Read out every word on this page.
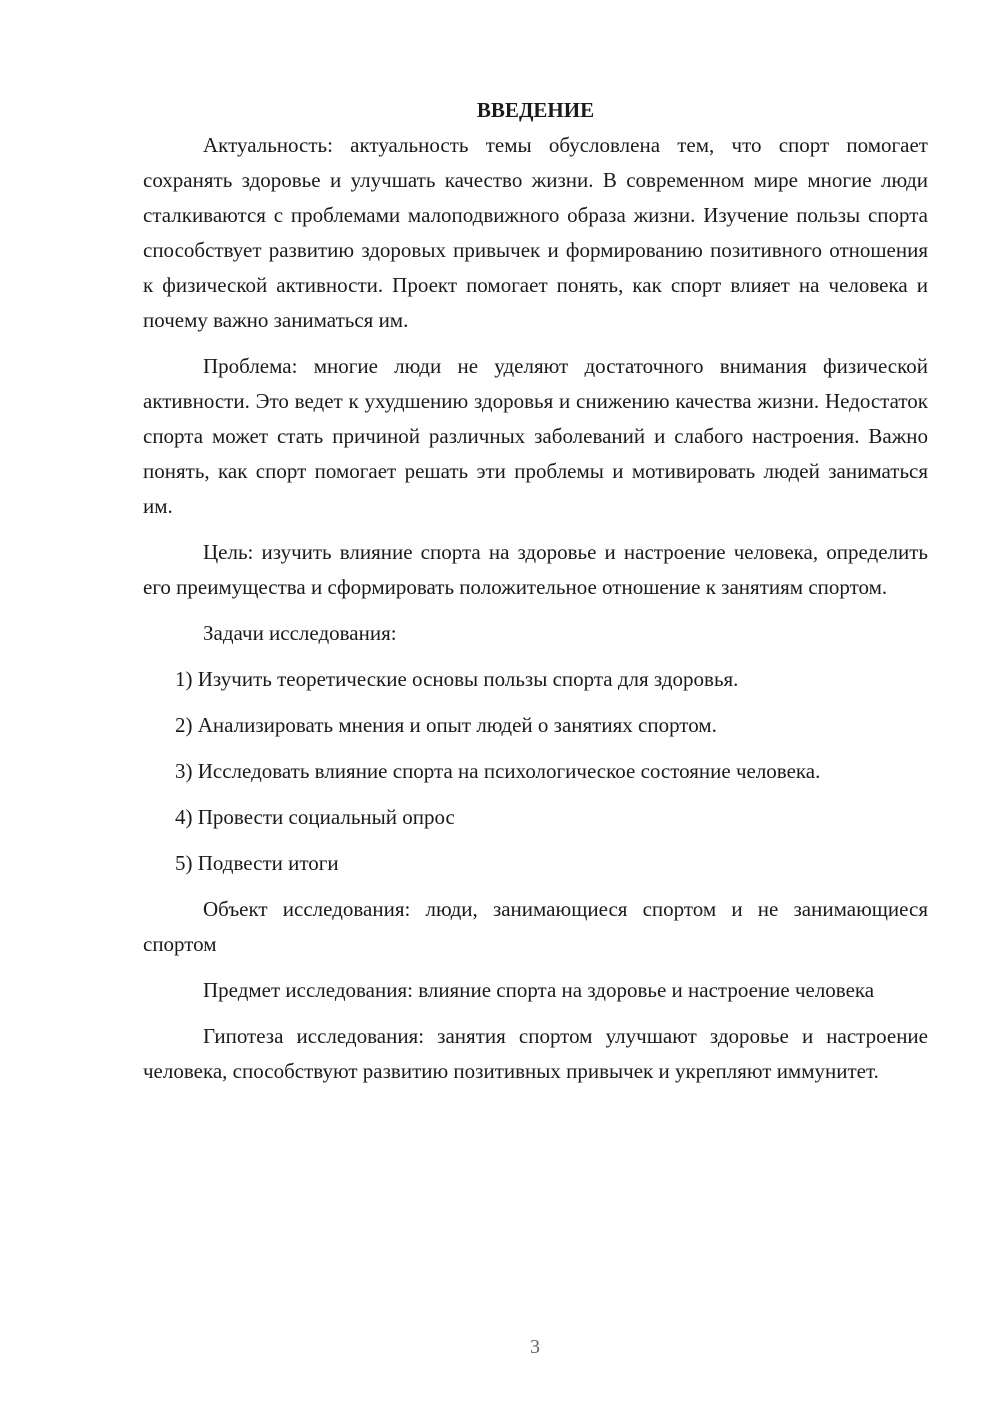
ВВЕДЕНИЕ

Актуальность: актуальность темы обусловлена тем, что спорт помогает сохранять здоровье и улучшать качество жизни. В современном мире многие люди сталкиваются с проблемами малоподвижного образа жизни. Изучение пользы спорта способствует развитию здоровых привычек и формированию позитивного отношения к физической активности. Проект помогает понять, как спорт влияет на человека и почему важно заниматься им.

Проблема: многие люди не уделяют достаточного внимания физической активности. Это ведет к ухудшению здоровья и снижению качества жизни. Недостаток спорта может стать причиной различных заболеваний и слабого настроения. Важно понять, как спорт помогает решать эти проблемы и мотивировать людей заниматься им.

Цель: изучить влияние спорта на здоровье и настроение человека, определить его преимущества и сформировать положительное отношение к занятиям спортом.

Задачи исследования:

1) Изучить теоретические основы пользы спорта для здоровья.

2) Анализировать мнения и опыт людей о занятиях спортом.

3) Исследовать влияние спорта на психологическое состояние человека.

4) Провести социальный опрос

5) Подвести итоги

Объект исследования: люди, занимающиеся спортом и не занимающиеся спортом

Предмет исследования: влияние спорта на здоровье и настроение человека

Гипотеза исследования: занятия спортом улучшают здоровье и настроение человека, способствуют развитию позитивных привычек и укрепляют иммунитет.

3
